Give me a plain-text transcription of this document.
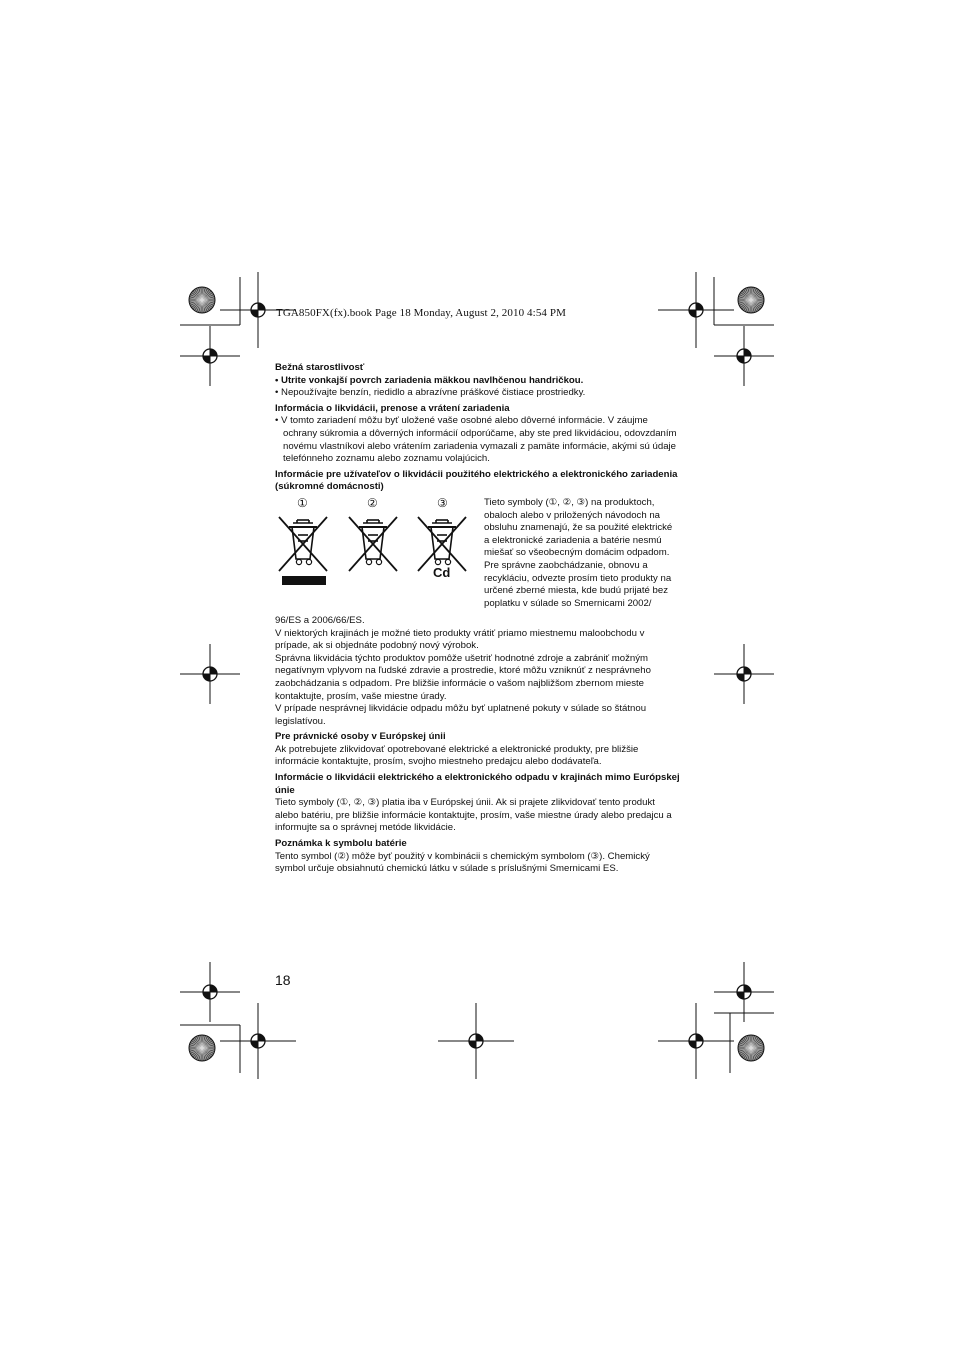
TGA850FX(fx).book Page 18 Monday, August 2, 2010 4:54 PM

Bežná starostlivosť

• Utrite vonkajší povrch zariadenia mäkkou navlhčenou handričkou.

• Nepoužívajte benzín, riedidlo a abrazívne práškové čistiace prostriedky.

Informácia o likvidácii, prenose a vrátení zariadenia

• V tomto zariadení môžu byť uložené vaše osobné alebo dôverné informácie. V záujme ochrany súkromia a dôverných informácií odporúčame, aby ste pred likvidáciou, odovzdaním novému vlastníkovi alebo vrátením zariadenia vymazali z pamäte informácie, akými sú údaje telefónneho zoznamu alebo zoznamu volajúcich.

Informácie pre užívateľov o likvidácii použitého elektrického a elektronického zariadenia (súkromné domácnosti)

①	②	③
Cd

Tieto symboly (①, ②, ③) na produktoch, obaloch alebo v priložených návodoch na obsluhu znamenajú, že sa použité elektrické a elektronické zariadenia a batérie nesmú miešať so všeobecným domácim odpadom. Pre správne zaobchádzanie, obnovu a recykláciu, odvezte prosím tieto produkty na určené zberné miesta, kde budú prijaté bez poplatku v súlade so Smernicami 2002/

96/ES a 2006/66/ES.

V niektorých krajinách je možné tieto produkty vrátiť priamo miestnemu maloobchodu v prípade, ak si objednáte podobný nový výrobok.

Správna likvidácia týchto produktov pomôže ušetriť hodnotné zdroje a zabrániť možným negatívnym vplyvom na ľudské zdravie a prostredie, ktoré môžu vzniknúť z nesprávneho zaobchádzania s odpadom. Pre bližšie informácie o vašom najbližšom zbernom mieste kontaktujte, prosím, vaše miestne úrady.

V prípade nesprávnej likvidácie odpadu môžu byť uplatnené pokuty v súlade so štátnou legislatívou.

Pre právnické osoby v Európskej únii

Ak potrebujete zlikvidovať opotrebované elektrické a elektronické produkty, pre bližšie informácie kontaktujte, prosím, svojho miestneho predajcu alebo dodávateľa.

Informácie o likvidácii elektrického a elektronického odpadu v krajinách mimo Európskej únie

Tieto symboly (①, ②, ③) platia iba v Európskej únii. Ak si prajete zlikvidovať tento produkt alebo batériu, pre bližšie informácie kontaktujte, prosím, vaše miestne úrady alebo predajcu a informujte sa o správnej metóde likvidácie.

Poznámka k symbolu batérie

Tento symbol (②) môže byť použitý v kombinácii s chemickým symbolom (③). Chemický symbol určuje obsiahnutú chemickú látku v súlade s príslušnými Smernicami ES.

18
